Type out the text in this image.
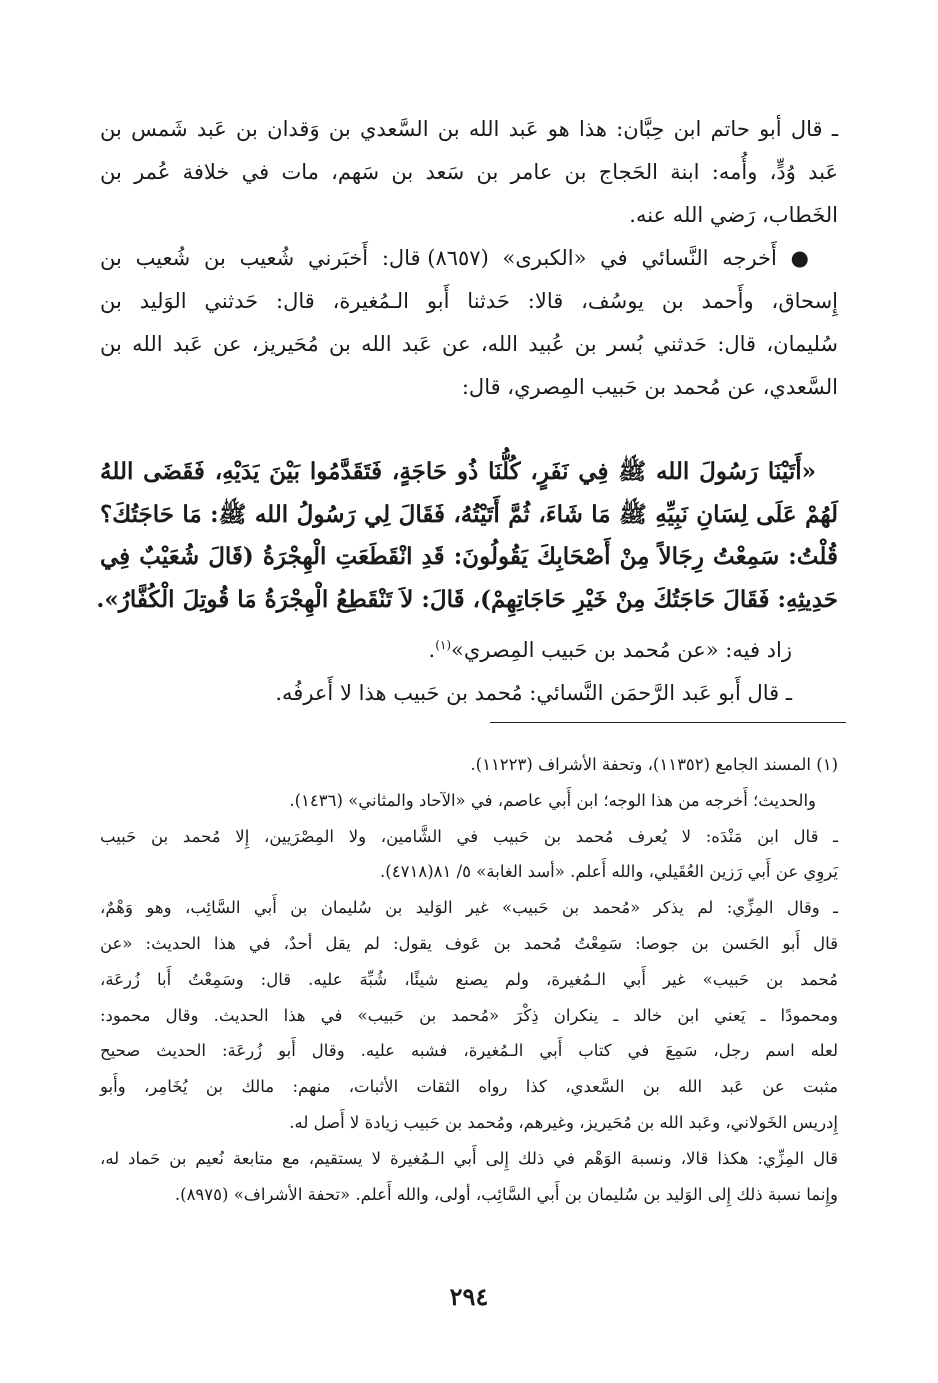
ـ قال أبو حاتم ابن حِبَّان: هذا هو عَبد الله بن السَّعدي بن وَقدان بن عَبد شَمس بن
عَبد وُدٍّ، وأُمه: ابنة الحَجاج بن عامر بن سَعد بن سَهم، مات في خلافة عُمر بن
الخَطاب، رَضي الله عنه.
● أَخرجه النَّسائي في «الكبرى» (٨٦٥٧) قال: أَخبَرني شُعيب بن شُعيب بن
إِسحاق، وأَحمد بن يوسُف، قالا: حَدثنا أَبو الـمُغيرة، قال: حَدثني الوَليد بن
سُليمان، قال: حَدثني بُسر بن عُبيد الله، عن عَبد الله بن مُحَيريز، عن عَبد الله بن
السَّعدي، عن مُحمد بن حَبيب المِصري، قال:
«أَتَيْنَا رَسُولَ الله ﷺ فِي نَفَرٍ، كُلُّنَا ذُو حَاجَةٍ، فَتَقَدَّمُوا بَيْنَ يَدَيْهِ، فَقَضَى اللهُ
لَهُمْ عَلَى لِسَانِ نَبِيِّهِ ﷺ مَا شَاءَ، ثُمَّ أَتَيْتُهُ، فَقَالَ لِي رَسُولُ الله ﷺ: مَا حَاجَتُكَ؟
قُلْتُ: سَمِعْتُ رِجَالاً مِنْ أَصْحَابِكَ يَقُولُونَ: قَدِ انْقَطَعَتِ الْهِجْرَةُ (قَالَ شُعَيْبٌ فِي
حَدِيثِهِ: فَقَالَ حَاجَتُكَ مِنْ خَيْرِ حَاجَاتِهِمْ)، قَالَ: لاَ تَنْقَطِعُ الْهِجْرَةُ مَا قُوتِلَ الْكُفَّارُ».
زاد فيه: «عن مُحمد بن حَبيب المِصري»$^{(١)}$.
ـ قال أَبو عَبد الرَّحمَن النَّسائي: مُحمد بن حَبيب هذا لا أَعرفُه.
(١) المسند الجامع (١١٣٥٢)، وتحفة الأشراف (١١٢٢٣).
والحديث؛ أَخرجه من هذا الوجه؛ ابن أَبي عاصم، في «الآحاد والمثاني» (١٤٣٦).
ـ قال ابن مَنْدَه: لا يُعرف مُحمد بن حَبيب في الشَّامين، ولا المِصْرَيين، إِلا مُحمد بن حَبيب
يَروِي عن أَبي رَزين العُقَيلي، والله أَعلم. «أسد الغابة» ٥/ ٨١(٤٧١٨).
ـ وقال المِزِّي: لم يذكر «مُحمد بن حَبيب» غير الوَليد بن سُليمان بن أَبي السَّائِب، وهو وَهْمٌ،
قال أَبو الحَسن بن جوصا: سَمِعْتُ مُحمد بن عَوف يقول: لم يقل أحدٌ، في هذا الحديث: «عن
مُحمد بن حَبيب» غير أَبي الـمُغيرة، ولم يصنع شيئًا، شُبِّهَ عليه. قال: وسَمِعْتُ أَبا زُرعَة،
ومحمودًا ـ يَعني ابن خالد ـ ينكران ذِكْرَ «مُحمد بن حَبيب» في هذا الحديث. وقال محمود:
لعله اسم رجل، سَمِعَ في كتاب أَبي الـمُغيرة، فشبه عليه. وقال أَبو زُرعَة: الحديث صحيح
مثبت عن عَبد الله بن السَّعدي، كذا رواه الثقات الأثبات، منهم: مالك بن يُخَامِر، وأَبو
إِدريس الخَولاني، وعَبد الله بن مُحَيريز، وغيرهم، ومُحمد بن حَبيب زيادة لا أَصل له.
قال المِزِّي: هكذا قالا، ونسبة الوَهْم في ذلك إِلى أَبي الـمُغيرة لا يستقيم، مع متابعة نُعيم بن حَماد له،
وإِنما نسبة ذلك إِلى الوَليد بن سُليمان بن أَبي السَّائِب، أولى، والله أَعلم. «تحفة الأشراف» (٨٩٧٥).
٢٩٤
